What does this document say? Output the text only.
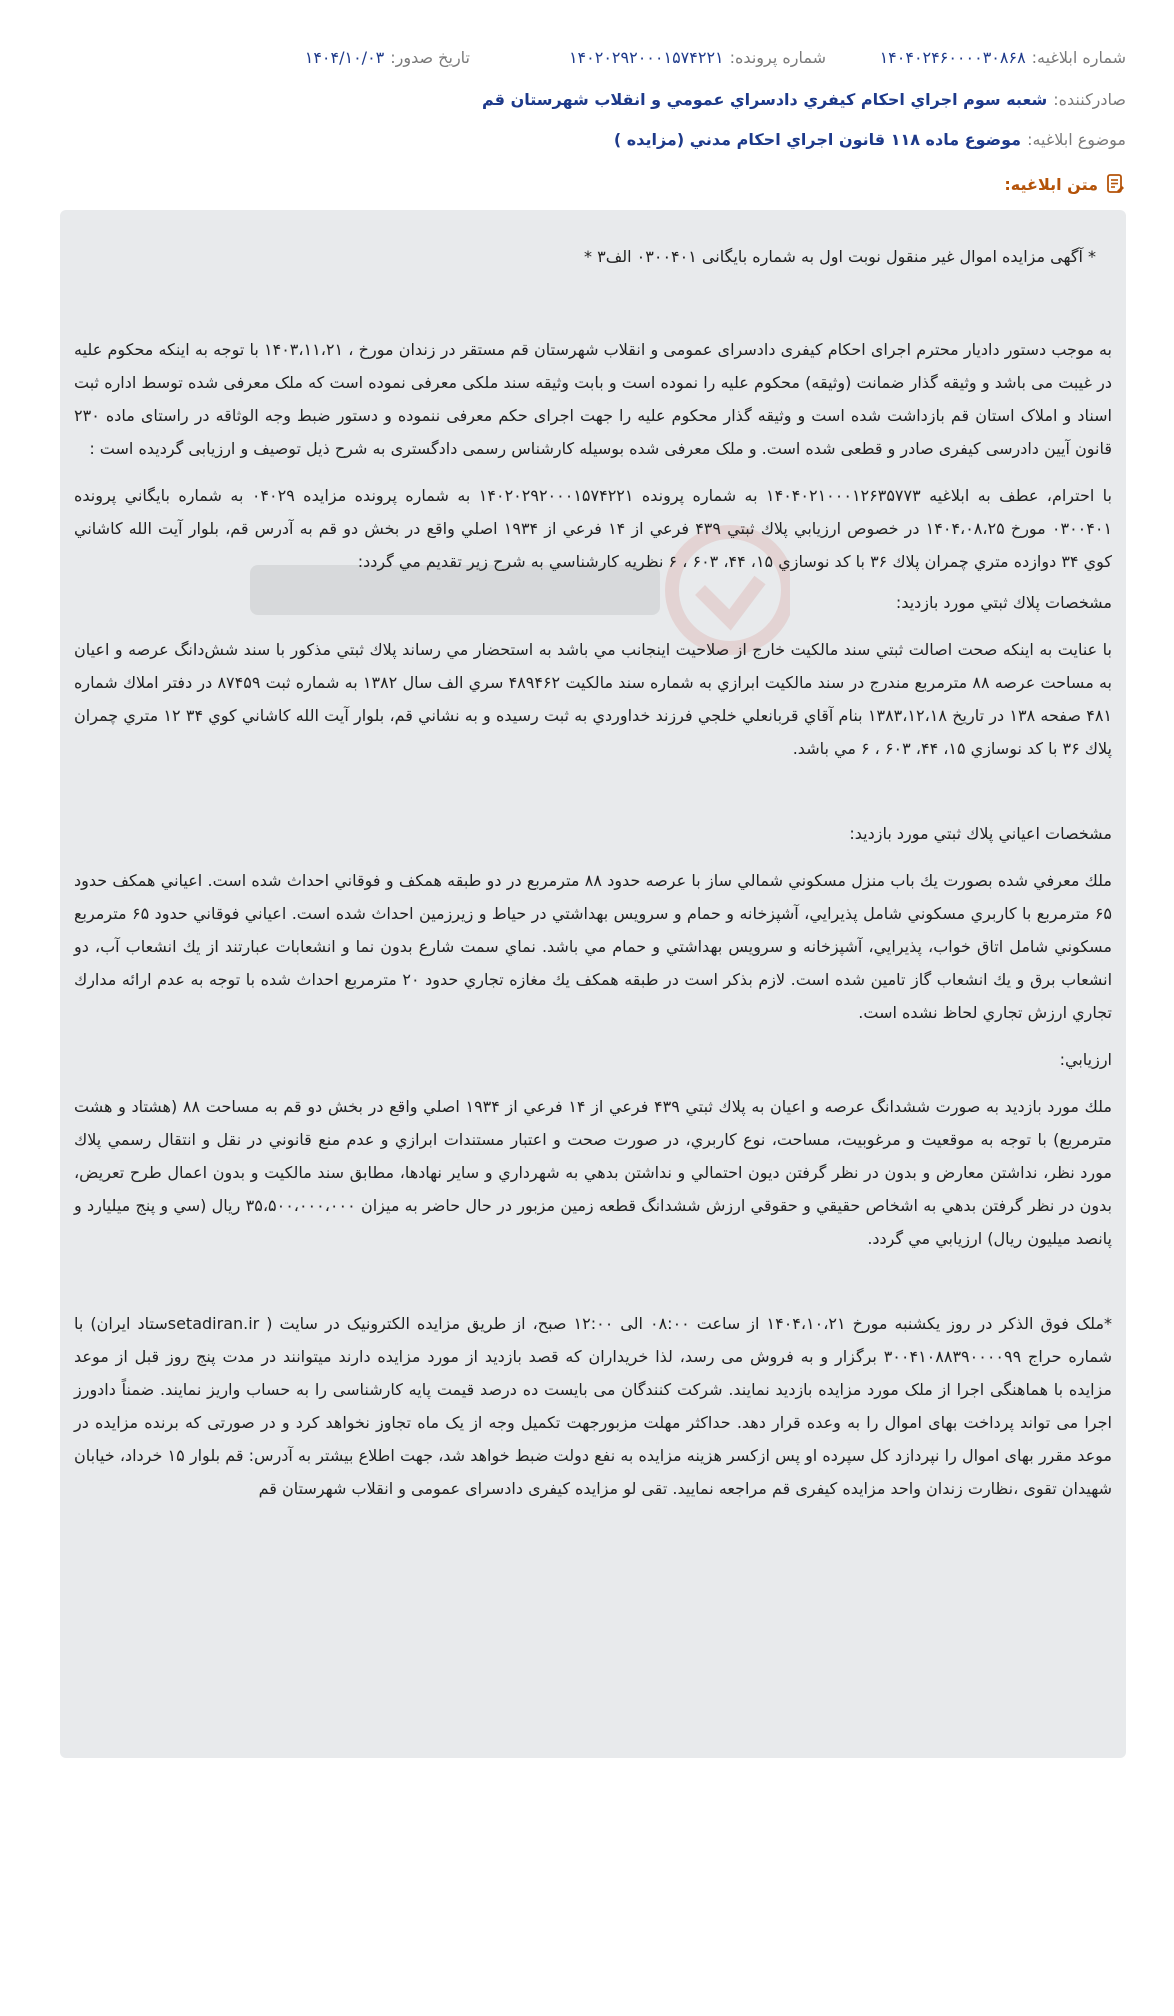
شماره ابلاغيه:
۱۴۰۴۰۲۴۶۰۰۰۰۳۰۸۶۸
شماره پرونده:
۱۴۰۲۰۲۹۲۰۰۰۱۵۷۴۲۲۱
تاريخ صدور:
۱۴۰۴/۱۰/۰۳
صادرکننده:
شعبه سوم اجراي احکام کيفري دادسراي عمومي و انقلاب شهرستان قم
موضوع ابلاغيه:
موضوع ماده ۱۱۸ قانون اجراي احکام مدني (مزايده )
متن ابلاغيه:

* آگهی مزایده اموال غیر منقول نوبت اول به شماره بایگانی ۰۳۰۰۴۰۱ الف۳ *

به موجب دستور دادیار محترم اجرای احکام کیفری دادسرای عمومی و انقلاب شهرستان قم مستقر در زندان مورخ ، ۱۴۰۳،۱۱،۲۱ با توجه به اینکه محکوم علیه در غیبت می باشد و وثیقه گذار ضمانت (وثیقه) محکوم علیه را نموده است و بابت وثیقه سند ملکی معرفی نموده است که ملک معرفی شده توسط اداره ثبت اسناد و املاک استان قم بازداشت شده است و وثیقه گذار محکوم علیه را جهت اجرای حکم معرفی ننموده و دستور ضبط وجه الوثاقه در راستای ماده ۲۳۰ قانون آیین دادرسی کیفری صادر و قطعی شده است. و ملک معرفی شده بوسیله کارشناس رسمی دادگستری به شرح ذیل توصیف و ارزیابی گردیده است :

با احترام، عطف به ابلاغيه ۱۴۰۴۰۲۱۰۰۰۱۲۶۳۵۷۷۳ به شماره پرونده ۱۴۰۲۰۲۹۲۰۰۰۱۵۷۴۲۲۱ به شماره پرونده مزايده ۰۴۰۲۹ به شماره بايگاني پرونده ۰۳۰۰۴۰۱ مورخ ۱۴۰۴،۰۸،۲۵ در خصوص ارزيابي پلاك ثبتي ۴۳۹ فرعي از ۱۴ فرعي از ۱۹۳۴ اصلي واقع در بخش دو قم به آدرس قم، بلوار آيت الله كاشاني كوي ۳۴ دوازده متري چمران پلاك ۳۶ با کد نوسازي ۱۵، ۴۴، ۶۰۳ ، ۶ نظريه كارشناسي به شرح زير تقديم مي گردد:

مشخصات پلاك ثبتي مورد بازديد:

با عنايت به اينكه صحت اصالت ثبتي سند مالكيت خارج از صلاحيت اينجانب مي باشد به استحضار مي رساند پلاك ثبتي مذكور با سند شش‌دانگ عرصه و اعيان به مساحت عرصه ۸۸ مترمربع مندرج در سند مالكيت ابرازي به شماره سند مالكيت ۴۸۹۴۶۲ سري الف سال ۱۳۸۲ به شماره ثبت ۸۷۴۵۹ در دفتر املاك شماره ۴۸۱ صفحه ۱۳۸ در تاريخ ۱۳۸۳،۱۲،۱۸ بنام آقاي قربانعلي خلجي فرزند خداوردي به ثبت رسيده و به نشاني قم، بلوار آيت الله كاشاني كوي ۳۴ ۱۲ متري چمران پلاك ۳۶ با كد نوسازي ۱۵، ۴۴، ۶۰۳ ، ۶ مي باشد.

مشخصات اعياني پلاك ثبتي مورد بازديد:

ملك معرفي شده بصورت يك باب منزل مسكوني شمالي ساز با عرصه حدود ۸۸ مترمربع در دو طبقه همكف و فوقاني احداث شده است. اعياني همكف حدود ۶۵ مترمربع با كاربري مسكوني شامل پذيرايي، آشپزخانه و حمام و سرويس بهداشتي در حياط و زيرزمين احداث شده است. اعياني فوقاني حدود ۶۵ مترمربع مسكوني شامل اتاق خواب، پذيرايي، آشپزخانه و سرويس بهداشتي و حمام مي باشد. نماي سمت شارع بدون نما و انشعابات عبارتند از يك انشعاب آب، دو انشعاب برق و يك انشعاب گاز تامين شده است. لازم بذكر است در طبقه همكف يك مغازه تجاري حدود ۲۰ مترمربع احداث شده با توجه به عدم ارائه مدارك تجاري ارزش تجاري لحاظ نشده است.

ارزيابي:

ملك مورد بازديد به صورت ششدانگ عرصه و اعيان به پلاك ثبتي ۴۳۹ فرعي از ۱۴ فرعي از ۱۹۳۴ اصلي واقع در بخش دو قم به مساحت ۸۸ (هشتاد و هشت مترمربع) با توجه به موقعيت و مرغوبيت، مساحت، نوع كاربري، در صورت صحت و اعتبار مستندات ابرازي و عدم منع قانوني در نقل و انتقال رسمي پلاك مورد نظر، نداشتن معارض و بدون در نظر گرفتن ديون احتمالي و نداشتن بدهي به شهرداري و ساير نهادها، مطابق سند مالكيت و بدون اعمال طرح تعريض، بدون در نظر گرفتن بدهي به اشخاص حقيقي و حقوقي ارزش ششدانگ قطعه زمين مزبور در حال حاضر به ميزان ۳۵،۵۰۰،۰۰۰،۰۰۰ ريال (سي و پنج ميليارد و پانصد ميليون ريال) ارزيابي مي گردد.

*ملک فوق الذکر در روز یکشنبه مورخ ۱۴۰۴،۱۰،۲۱ از ساعت ۰۸:۰۰ الی ۱۲:۰۰ صبح، از طریق مزایده الکترونیک در سایت ( setadiran.irستاد ایران) با شماره حراج ۳۰۰۴۱۰۸۸۳۹۰۰۰۰۹۹ برگزار و به فروش می رسد، لذا خریداران که قصد بازدید از مورد مزایده دارند میتوانند در مدت پنج روز قبل از موعد مزایده با هماهنگی اجرا از ملک مورد مزایده بازدید نمایند. شرکت کنندگان می بایست ده درصد قیمت پایه کارشناسی را به حساب واریز نمایند. ضمناً دادورز اجرا می تواند پرداخت بهای اموال را به وعده قرار دهد. حداکثر مهلت مزبورجهت تکمیل وجه از یک ماه تجاوز نخواهد کرد و در صورتی که برنده مزایده در موعد مقرر بهای اموال را نپردازد کل سپرده او پس ازکسر هزینه مزایده به نفع دولت ضبط خواهد شد، جهت اطلاع بیشتر به آدرس: قم بلوار ۱۵ خرداد، خیابان شهیدان تقوی ،نظارت زندان واحد مزایده کیفری قم مراجعه نمایید. تقی لو مزایده کیفری دادسرای عمومی و انقلاب شهرستان قم
